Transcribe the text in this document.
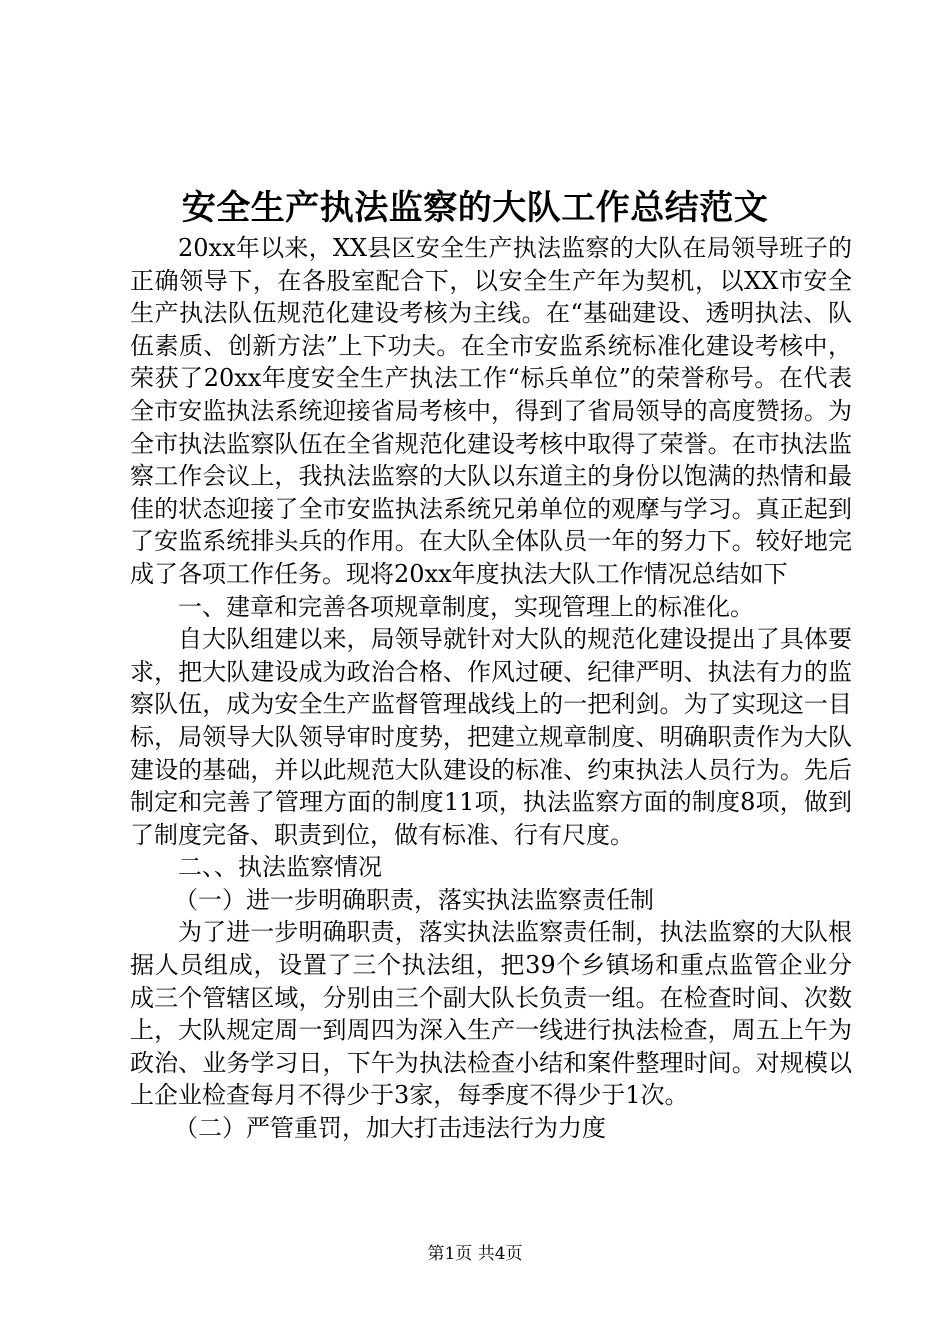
安全生产执法监察的大队工作总结范文

20xx年以来，XX县区安全生产执法监察的大队在局领导班子的正确领导下，在各股室配合下，以安全生产年为契机，以XX市安全生产执法队伍规范化建设考核为主线。在“基础建设、透明执法、队伍素质、创新方法”上下功夫。在全市安监系统标准化建设考核中，荣获了20xx年度安全生产执法工作“标兵单位”的荣誉称号。在代表全市安监执法系统迎接省局考核中，得到了省局领导的高度赞扬。为全市执法监察队伍在全省规范化建设考核中取得了荣誉。在市执法监察工作会议上，我执法监察的大队以东道主的身份以饱满的热情和最佳的状态迎接了全市安监执法系统兄弟单位的观摩与学习。真正起到了安监系统排头兵的作用。在大队全体队员一年的努力下。较好地完成了各项工作任务。现将20xx年度执法大队工作情况总结如下

一、建章和完善各项规章制度，实现管理上的标准化。

自大队组建以来，局领导就针对大队的规范化建设提出了具体要求，把大队建设成为政治合格、作风过硬、纪律严明、执法有力的监察队伍，成为安全生产监督管理战线上的一把利剑。为了实现这一目标，局领导大队领导审时度势，把建立规章制度、明确职责作为大队建设的基础，并以此规范大队建设的标准、约束执法人员行为。先后制定和完善了管理方面的制度11项，执法监察方面的制度8项，做到了制度完备、职责到位，做有标准、行有尺度。

二、、执法监察情况

（一）进一步明确职责，落实执法监察责任制

为了进一步明确职责，落实执法监察责任制，执法监察的大队根据人员组成，设置了三个执法组，把39个乡镇场和重点监管企业分成三个管辖区域，分别由三个副大队长负责一组。在检查时间、次数上，大队规定周一到周四为深入生产一线进行执法检查，周五上午为政治、业务学习日，下午为执法检查小结和案件整理时间。对规模以上企业检查每月不得少于3家，每季度不得少于1次。

（二）严管重罚，加大打击违法行为力度

第1页 共4页
